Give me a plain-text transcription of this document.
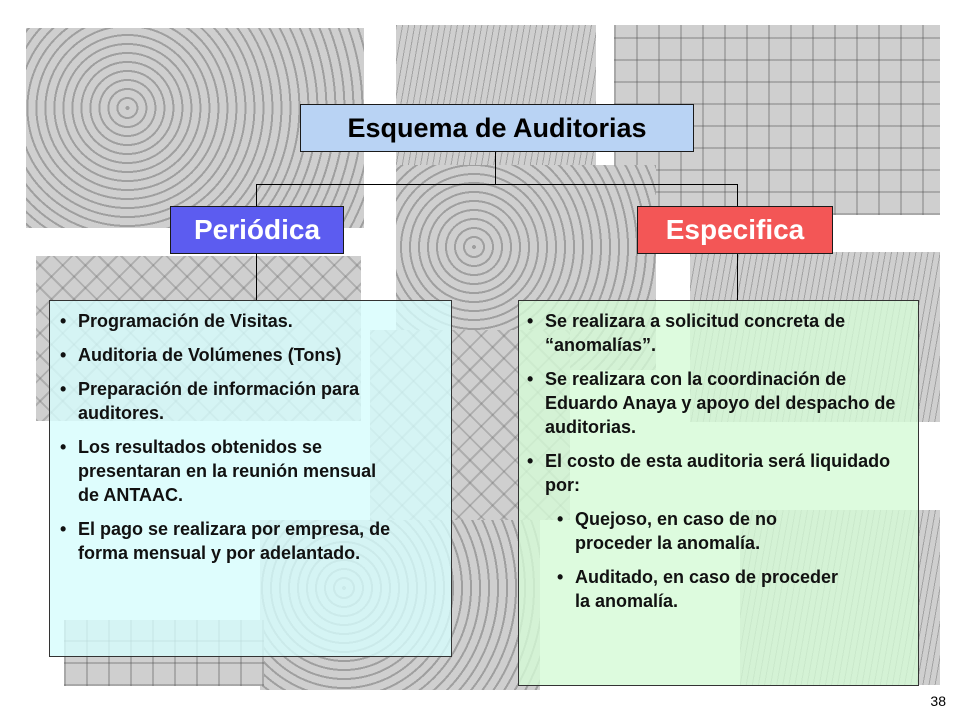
Esquema de Auditorias
Periódica	Especifica
• Programación de Visitas.
• Auditoria de Volúmenes (Tons)
• Preparación de información para auditores.
• Los resultados obtenidos se presentaran en la reunión mensual de ANTAAC.
• El pago se realizara por empresa, de forma mensual y por adelantado.
• Se realizara a solicitud concreta de “anomalías”.
• Se realizara con la coordinación de Eduardo Anaya y apoyo del despacho de auditorias.
• El costo de esta auditoria será liquidado por:
• Quejoso, en caso de no proceder la anomalía.
• Auditado, en caso de proceder la anomalía.
38
